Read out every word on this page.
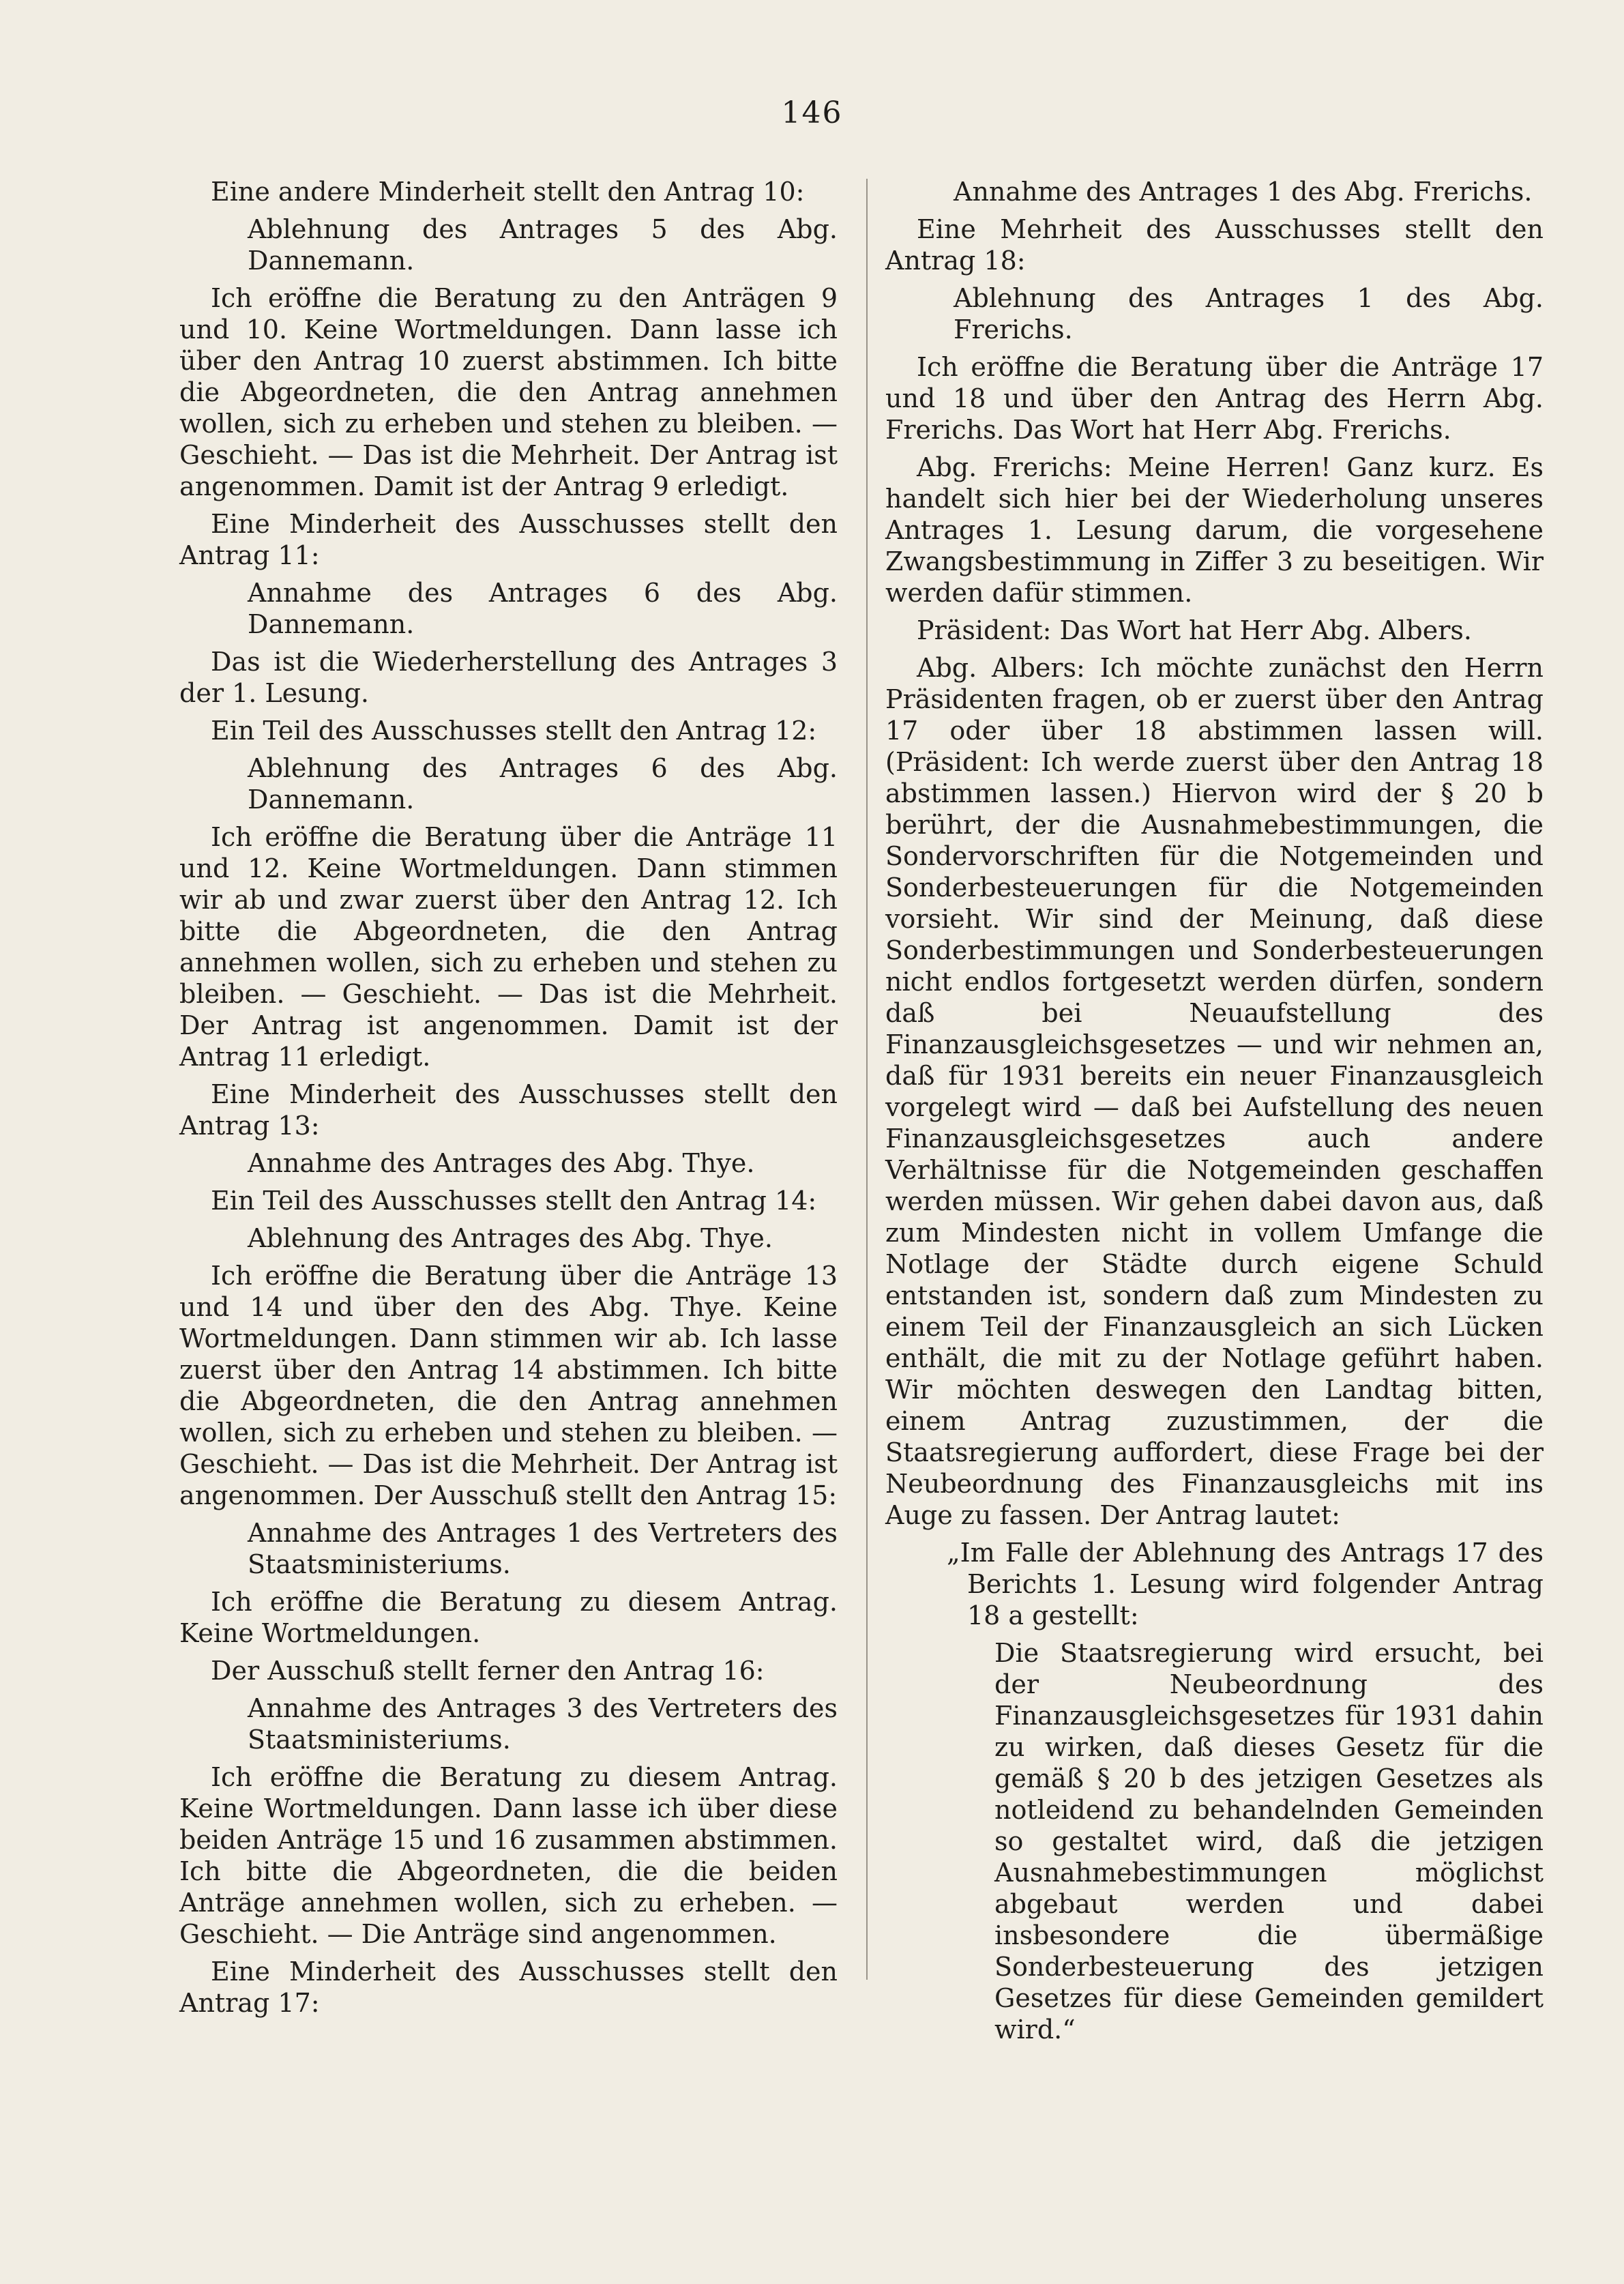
146

Eine andere Minderheit stellt den Antrag 10:

Ablehnung des Antrages 5 des Abg. Dannemann.

Ich eröffne die Beratung zu den Anträgen 9 und 10. Keine Wortmeldungen. Dann lasse ich über den Antrag 10 zuerst abstimmen. Ich bitte die Abgeordneten, die den Antrag annehmen wollen, sich zu erheben und stehen zu bleiben. — Geschieht. — Das ist die Mehrheit. Der Antrag ist angenommen. Damit ist der Antrag 9 erledigt.

Eine Minderheit des Ausschusses stellt den Antrag 11:

Annahme des Antrages 6 des Abg. Dannemann.

Das ist die Wiederherstellung des Antrages 3 der 1. Lesung.

Ein Teil des Ausschusses stellt den Antrag 12:

Ablehnung des Antrages 6 des Abg. Dannemann.

Ich eröffne die Beratung über die Anträge 11 und 12. Keine Wortmeldungen. Dann stimmen wir ab und zwar zuerst über den Antrag 12. Ich bitte die Abgeordneten, die den Antrag annehmen wollen, sich zu erheben und stehen zu bleiben. — Geschieht. — Das ist die Mehrheit. Der Antrag ist angenommen. Damit ist der Antrag 11 erledigt.

Eine Minderheit des Ausschusses stellt den Antrag 13:

Annahme des Antrages des Abg. Thye.

Ein Teil des Ausschusses stellt den Antrag 14:

Ablehnung des Antrages des Abg. Thye.

Ich eröffne die Beratung über die Anträge 13 und 14 und über den des Abg. Thye. Keine Wortmeldungen. Dann stimmen wir ab. Ich lasse zuerst über den Antrag 14 abstimmen. Ich bitte die Abgeordneten, die den Antrag annehmen wollen, sich zu erheben und stehen zu bleiben. — Geschieht. — Das ist die Mehrheit. Der Antrag ist angenommen. Der Ausschuß stellt den Antrag 15:

Annahme des Antrages 1 des Vertreters des Staatsministeriums.

Ich eröffne die Beratung zu diesem Antrag. Keine Wortmeldungen.

Der Ausschuß stellt ferner den Antrag 16:

Annahme des Antrages 3 des Vertreters des Staatsministeriums.

Ich eröffne die Beratung zu diesem Antrag. Keine Wortmeldungen. Dann lasse ich über diese beiden Anträge 15 und 16 zusammen abstimmen. Ich bitte die Abgeordneten, die die beiden Anträge annehmen wollen, sich zu erheben. — Geschieht. — Die Anträge sind angenommen.

Eine Minderheit des Ausschusses stellt den Antrag 17:

Annahme des Antrages 1 des Abg. Frerichs.

Eine Mehrheit des Ausschusses stellt den Antrag 18:

Ablehnung des Antrages 1 des Abg. Frerichs.

Ich eröffne die Beratung über die Anträge 17 und 18 und über den Antrag des Herrn Abg. Frerichs. Das Wort hat Herr Abg. Frerichs.

Abg. Frerichs: Meine Herren! Ganz kurz. Es handelt sich hier bei der Wiederholung unseres Antrages 1. Lesung darum, die vorgesehene Zwangsbestimmung in Ziffer 3 zu beseitigen. Wir werden dafür stimmen.

Präsident: Das Wort hat Herr Abg. Albers.

Abg. Albers: Ich möchte zunächst den Herrn Präsidenten fragen, ob er zuerst über den Antrag 17 oder über 18 abstimmen lassen will. (Präsident: Ich werde zuerst über den Antrag 18 abstimmen lassen.) Hiervon wird der § 20 b berührt, der die Ausnahmebestimmungen, die Sondervorschriften für die Notgemeinden und Sonderbesteuerungen für die Notgemeinden vorsieht. Wir sind der Meinung, daß diese Sonderbestimmungen und Sonderbesteuerungen nicht endlos fortgesetzt werden dürfen, sondern daß bei Neuaufstellung des Finanzausgleichsgesetzes — und wir nehmen an, daß für 1931 bereits ein neuer Finanzausgleich vorgelegt wird — daß bei Aufstellung des neuen Finanzausgleichsgesetzes auch andere Verhältnisse für die Notgemeinden geschaffen werden müssen. Wir gehen dabei davon aus, daß zum Mindesten nicht in vollem Umfange die Notlage der Städte durch eigene Schuld entstanden ist, sondern daß zum Mindesten zu einem Teil der Finanzausgleich an sich Lücken enthält, die mit zu der Notlage geführt haben. Wir möchten deswegen den Landtag bitten, einem Antrag zuzustimmen, der die Staatsregierung auffordert, diese Frage bei der Neubeordnung des Finanzausgleichs mit ins Auge zu fassen. Der Antrag lautet:

„Im Falle der Ablehnung des Antrags 17 des Berichts 1. Lesung wird folgender Antrag 18 a gestellt:

Die Staatsregierung wird ersucht, bei der Neubeordnung des Finanzausgleichsgesetzes für 1931 dahin zu wirken, daß dieses Gesetz für die gemäß § 20 b des jetzigen Gesetzes als notleidend zu behandelnden Gemeinden so gestaltet wird, daß die jetzigen Ausnahmebestimmungen möglichst abgebaut werden und dabei insbesondere die übermäßige Sonderbesteuerung des jetzigen Gesetzes für diese Gemeinden gemildert wird.“
